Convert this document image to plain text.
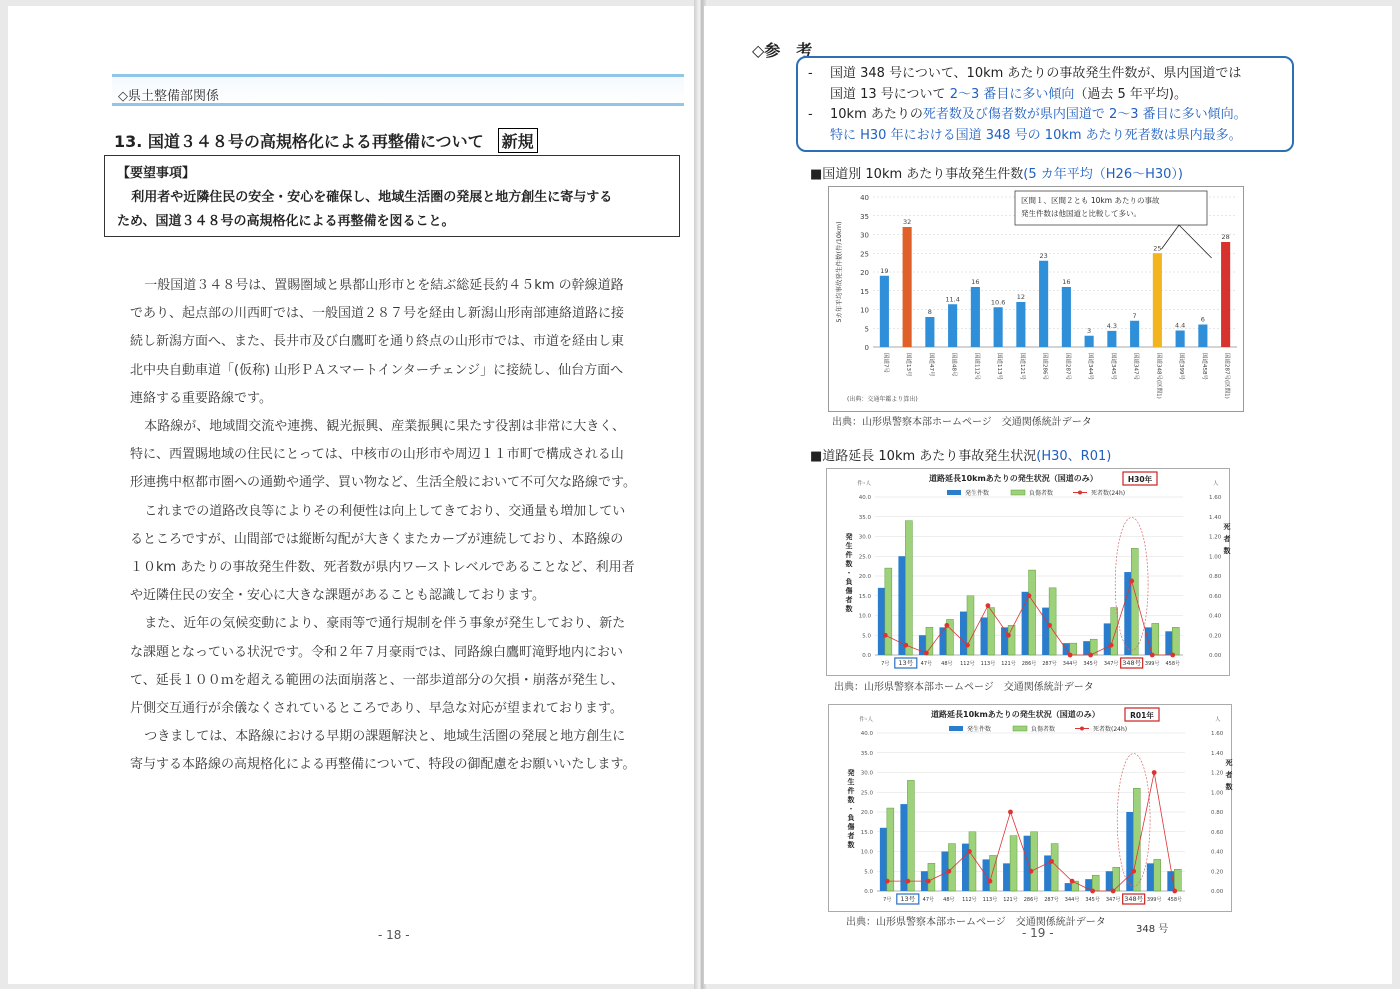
◇県土整備部関係
13. 国道３４８号の高規格化による再整備について 新規
【要望事項】
利用者や近隣住民の安全・安心を確保し、地域生活圏の発展と地方創生に寄与する
ため、国道３４８号の高規格化による再整備を図ること。
一般国道３４８号は、置賜圏域と県都山形市とを結ぶ総延長約４５km の幹線道路
であり、起点部の川西町では、一般国道２８７号を経由し新潟山形南部連絡道路に接
続し新潟方面へ、また、長井市及び白鷹町を通り終点の山形市では、市道を経由し東
北中央自動車道「(仮称) 山形ＰＡスマートインターチェンジ」に接続し、仙台方面へ
連絡する重要路線です。
本路線が、地域間交流や連携、観光振興、産業振興に果たす役割は非常に大きく、
特に、西置賜地域の住民にとっては、中核市の山形市や周辺１１市町で構成される山
形連携中枢都市圏への通勤や通学、買い物など、生活全般において不可欠な路線です。
これまでの道路改良等によりその利便性は向上してきており、交通量も増加してい
るところですが、山間部では縦断勾配が大きくまたカーブが連続しており、本路線の
１０km あたりの事故発生件数、死者数が県内ワーストレベルであることなど、利用者
や近隣住民の安全・安心に大きな課題があることも認識しております。
また、近年の気候変動により、豪雨等で通行規制を伴う事象が発生しており、新た
な課題となっている状況です。令和２年７月豪雨では、同路線白鷹町滝野地内におい
て、延長１００ｍを超える範囲の法面崩落と、一部歩道部分の欠損・崩落が発生し、
片側交互通行が余儀なくされているところであり、早急な対応が望まれております。
つきましては、本路線における早期の課題解決と、地域生活圏の発展と地方創生に
寄与する本路線の高規格化による再整備について、特段の御配慮をお願いいたします。
- 18 -
◇参　考
-	国道 348 号について、10km あたりの事故発生件数が、県内国道では
国道 13 号について 2〜3 番目に多い傾向（過去 5 年平均)。
-	10km あたりの死者数及び傷者数が県内国道で 2〜3 番目に多い傾向。
特に H30 年における国道 348 号の 10km あたり死者数は県内最多。
■国道別 10km あたり事故発生件数(5 カ年平均（H26〜H30）)
0
5
10
15
20
25
30
35
40
5カ年平均事故発生件数(件/10km)	19
国道7号
32
国道13号
8
国道47号
11.4
国道48号
16
国道112号
10.6
国道113号
12
国道121号
23
国道286号
16
国道287号
3
国道344号
4.3
国道345号
7
国道347号
25
国道348号(区間1)
4.4
国道399号
6
国道458号
28
国道287号(区間1)
区間１、区間２とも 10km あたりの事故
発生件数は他国道と比較して多い。
(出典：交通年鑑より算出)
出典：山形県警察本部ホームページ　交通関係統計データ
■道路延長 10km あたり事故発生状況(H30、R01)
道路延長10kmあたりの発生状況（国道のみ）	H30年
件･人	人
発生件数	負傷者数	死者数(24h)
0.0
5.0
10.0
15.0
20.0
25.0
30.0
35.0
40.0
0.00
0.20
0.40
0.60
0.80
1.00
1.20
1.40
1.60
発
生
件
数
・
負
傷
者
数
死
者
数
7号 13号 47号 48号 112号 113号 121号 286号 287号 344号 345号 347号 348号 399号 458号
出典：山形県警察本部ホームページ　交通関係統計データ
道路延長10kmあたりの発生状況（国道のみ）	R01年
件･人	人
発生件数	負傷者数	死者数(24h)
0.0
5.0
10.0
15.0
20.0
25.0
30.0
35.0
40.0
0.00
0.20
0.40
0.60
0.80
1.00
1.20
1.40
1.60
発
生
件
数
・
負
傷
者
数
死
者
数
7号 13号 47号 48号 112号 113号 121号 286号 287号 344号 345号 347号 348号 399号 458号
出典：山形県警察本部ホームページ　交通関係統計データ
348 号
- 19 -
